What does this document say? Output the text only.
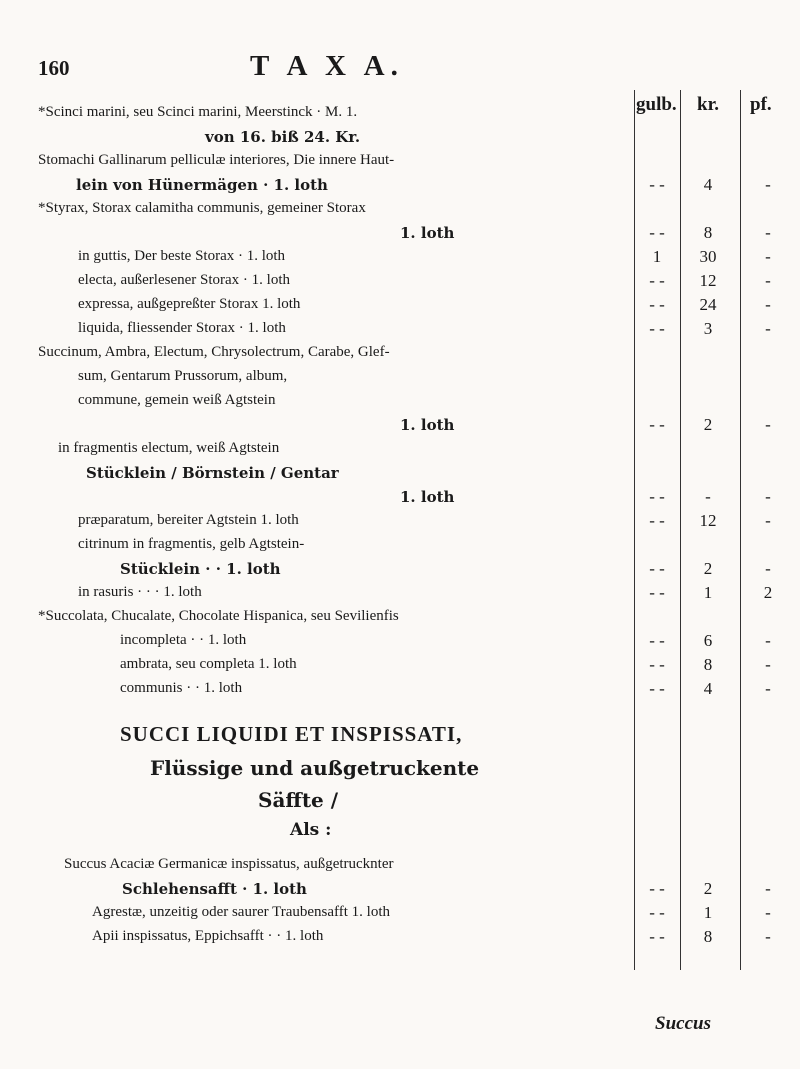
160	T A X A.
gulb. kr. pf.
*Scinci marini, seu Scinci marini, Meerstinck · M. 1.
von 16. biß 24. Kr.
Stomachi Gallinarum pelliculæ interiores, Die innere Haut-
lein von Hünermägen · 1. loth	- -	4	-
*Styrax, Storax calamitha communis, gemeiner Storax
1. loth	- -	8	-
in guttis, Der beste Storax · 1. loth	1	30	-
electa, außerlesener Storax · 1. loth	- -	12	-
expressa, außgepreßter Storax 1. loth	- -	24	-
liquida, fliessender Storax · 1. loth	- -	3	-
Succinum, Ambra, Electum, Chrysolectrum, Carabe, Glef-
sum, Gentarum Prussorum, album,
commune, gemein weiß Agtstein
1. loth	- -	2	-
in fragmentis electum, weiß Agtstein
Stücklein / Börnstein / Gentar
1. loth	- -	-	-
præparatum, bereiter Agtstein 1. loth	- -	12	-
citrinum in fragmentis, gelb Agtstein-
Stücklein · · 1. loth	- -	2	-
in rasuris · · · 1. loth	- -	1	2
*Succolata, Chucalate, Chocolate Hispanica, seu Sevilienfis
incompleta · · 1. loth	- -	6	-
ambrata, seu completa 1. loth	- -	8	-
communis · · 1. loth	- -	4	-
SUCCI LIQUIDI ET INSPISSATI,
Flüssige und außgetruckente
Säffte /
Als :
Succus Acaciæ Germanicæ inspissatus, außgetrucknter
Schlehensafft · 1. loth	- -	2	-
Agrestæ, unzeitig oder saurer Traubensafft 1. loth	- -	1	-
Apii inspissatus, Eppichsafft · · 1. loth	- -	8	-
Succus
